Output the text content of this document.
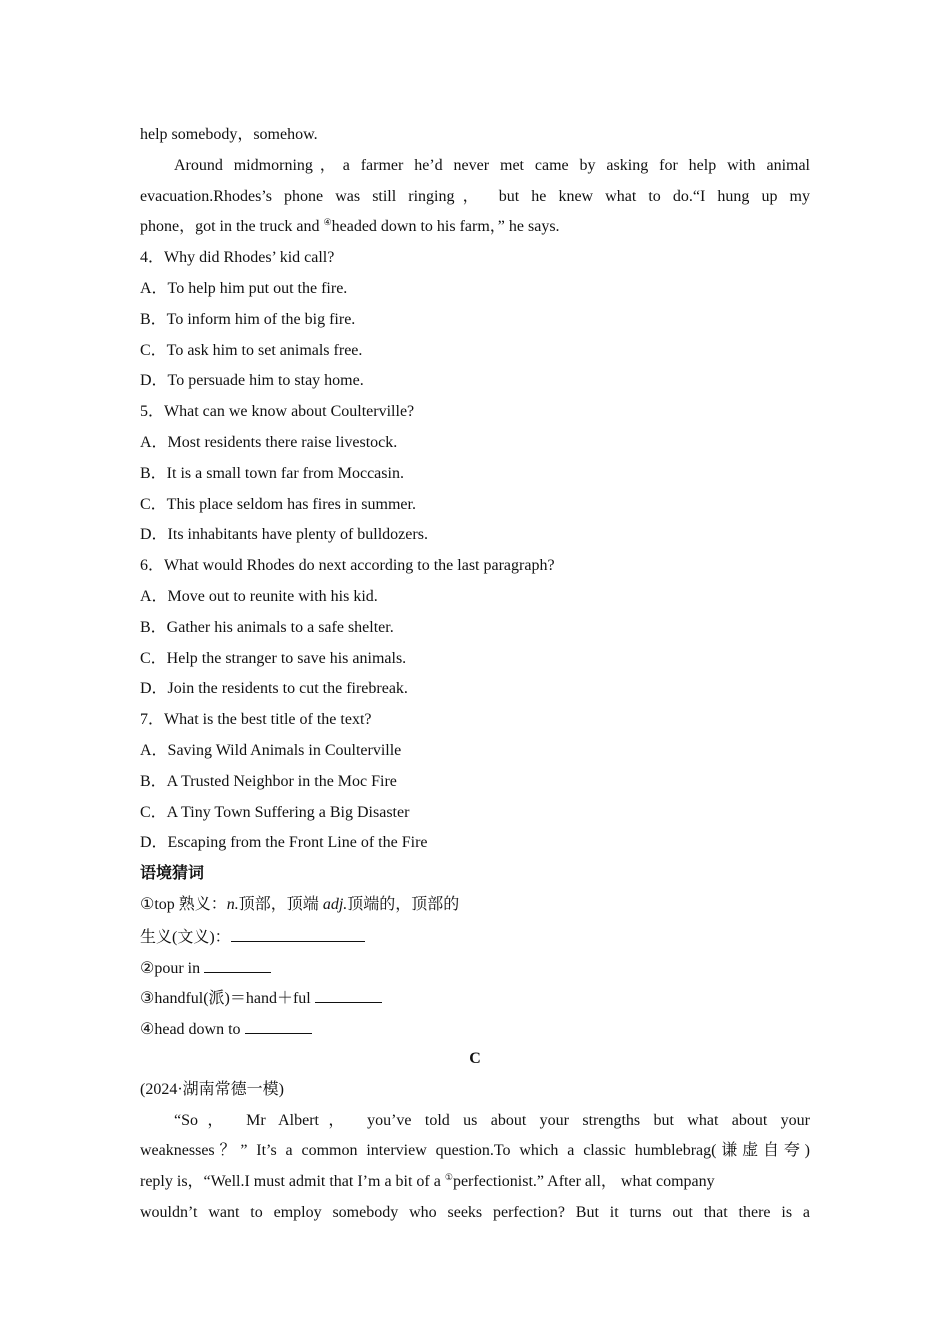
help somebody，somehow.
Around midmorning，a farmer he’d never met came by asking for help with animal
evacuation.Rhodes’s phone was still ringing， but he knew what to do.“I hung up my
phone，got in the truck and ④headed down to his farm，” he says.
4．Why did Rhodes’ kid call?
A．To help him put out the fire.
B．To inform him of the big fire.
C．To ask him to set animals free.
D．To persuade him to stay home.
5．What can we know about Coulterville?
A．Most residents there raise livestock.
B．It is a small town far from Moccasin.
C．This place seldom has fires in summer.
D．Its inhabitants have plenty of bulldozers.
6．What would Rhodes do next according to the last paragraph?
A．Move out to reunite with his kid.
B．Gather his animals to a safe shelter.
C．Help the stranger to save his animals.
D．Join the residents to cut the firebreak.
7．What is the best title of the text?
A．Saving Wild Animals in Coulterville
B．A Trusted Neighbor in the Moc Fire
C．A Tiny Town Suffering a Big Disaster
D．Escaping from the Front Line of the Fire
语境猜词
①top 熟义：n.顶部，顶端 adj.顶端的，顶部的
生义(文义)：
②pour in
③handful(派)＝hand＋ful
④head down to
C
(2024·湖南常德一模)
“So， Mr Albert， you’ve told us about your strengths but what about your
weaknesses？” It’s a common interview question.To which a classic humblebrag(谦虚自夸)
reply is，“Well.I must admit that I’m a bit of a ①perfectionist.” After all， what company
wouldn’t want to employ somebody who seeks perfection? But it turns out that there is a
